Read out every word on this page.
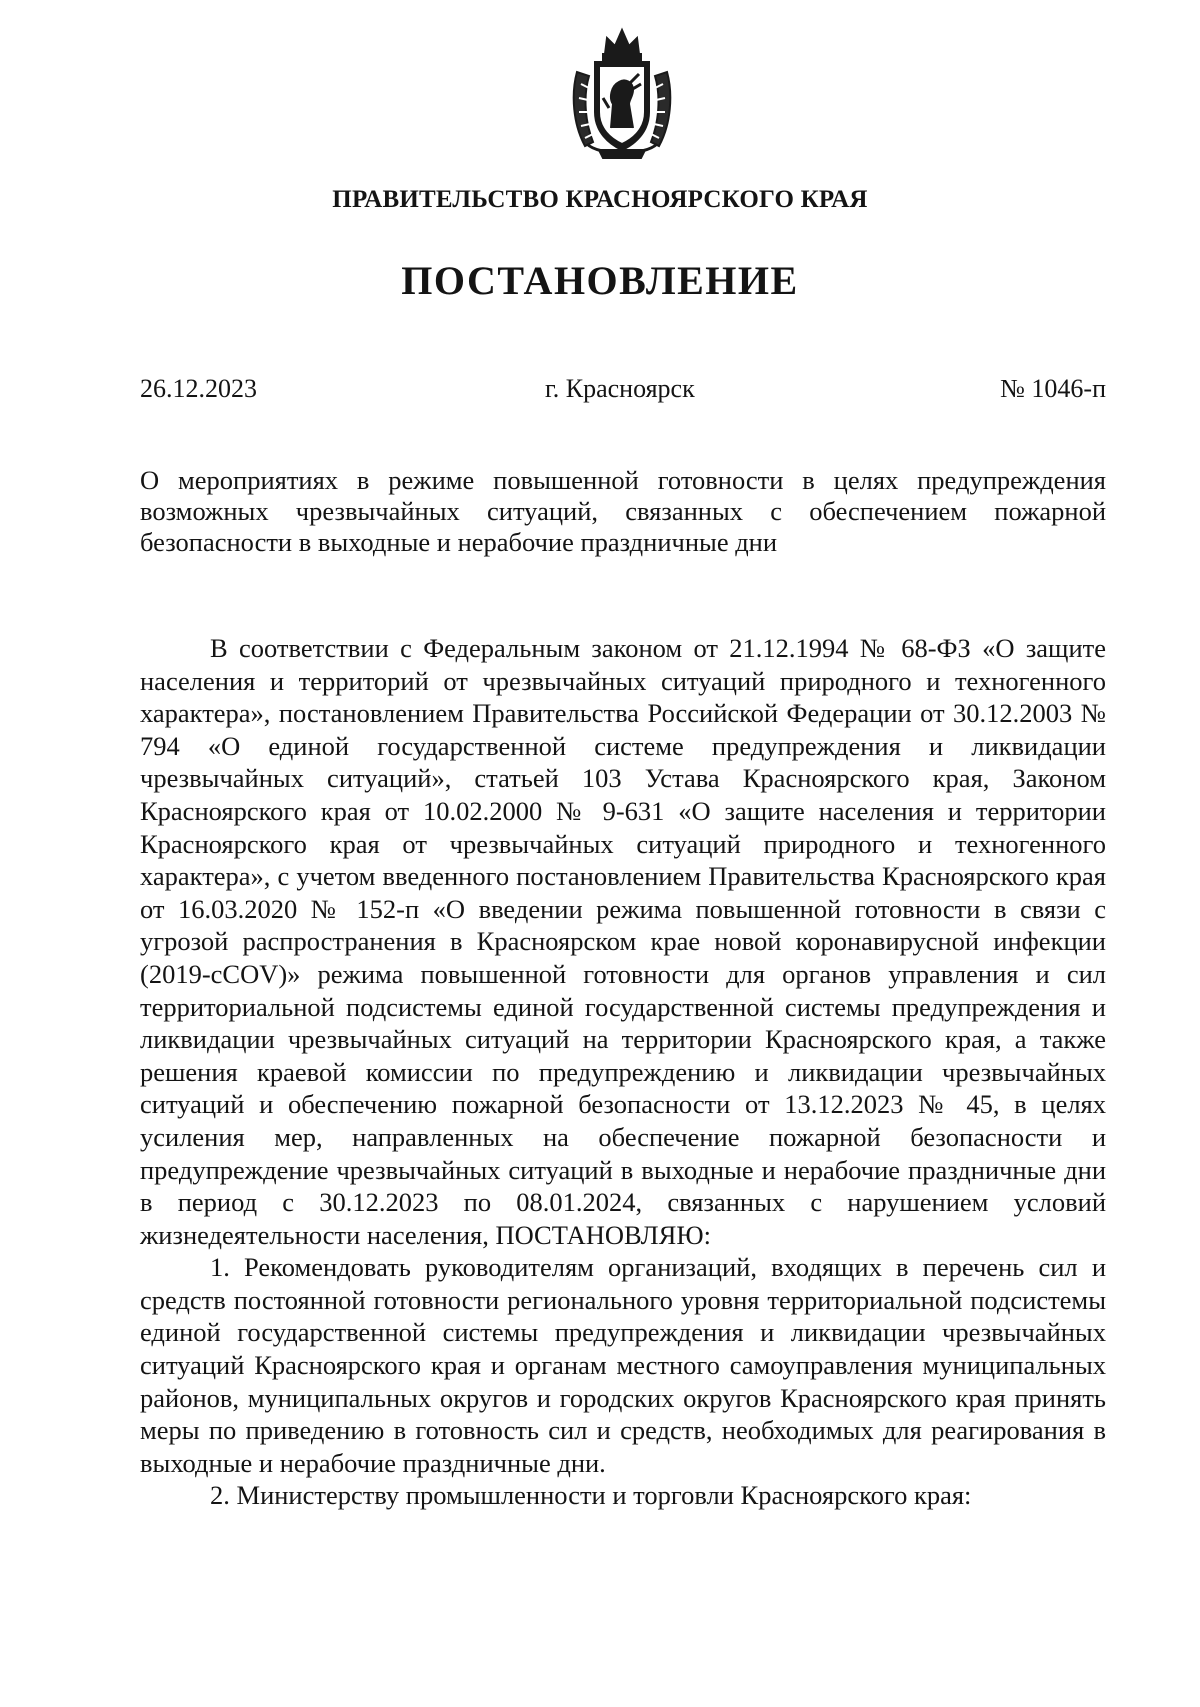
ПРАВИТЕЛЬСТВО КРАСНОЯРСКОГО КРАЯ
ПОСТАНОВЛЕНИЕ
26.12.2023	г. Красноярск	№ 1046-п
О мероприятиях в режиме повышенной готовности в целях предупреждения возможных чрезвычайных ситуаций, связанных с обеспечением пожарной безопасности в выходные и нерабочие праздничные дни

В соответствии с Федеральным законом от 21.12.1994 № 68-ФЗ «О защите населения и территорий от чрезвычайных ситуаций природного и техногенного характера», постановлением Правительства Российской Федерации от 30.12.2003 № 794 «О единой государственной системе предупреждения и ликвидации чрезвычайных ситуаций», статьей 103 Устава Красноярского края, Законом Красноярского края от 10.02.2000 № 9-631 «О защите населения и территории Красноярского края от чрезвычайных ситуаций природного и техногенного характера», с учетом введенного постановлением Правительства Красноярского края от 16.03.2020 № 152-п «О введении режима повышенной готовности в связи с угрозой распространения в Красноярском крае новой коронавирусной инфекции (2019-cCOV)» режима повышенной готовности для органов управления и сил территориальной подсистемы единой государственной системы предупреждения и ликвидации чрезвычайных ситуаций на территории Красноярского края, а также решения краевой комиссии по предупреждению и ликвидации чрезвычайных ситуаций и обеспечению пожарной безопасности от 13.12.2023 № 45, в целях усиления мер, направленных на обеспечение пожарной безопасности и предупреждение чрезвычайных ситуаций в выходные и нерабочие праздничные дни в период с 30.12.2023 по 08.01.2024, связанных с нарушением условий жизнедеятельности населения, ПОСТАНОВЛЯЮ:

1. Рекомендовать руководителям организаций, входящих в перечень сил и средств постоянной готовности регионального уровня территориальной подсистемы единой государственной системы предупреждения и ликвидации чрезвычайных ситуаций Красноярского края и органам местного самоуправления муниципальных районов, муниципальных округов и городских округов Красноярского края принять меры по приведению в готовность сил и средств, необходимых для реагирования в выходные и нерабочие праздничные дни.

2. Министерству промышленности и торговли Красноярского края:
